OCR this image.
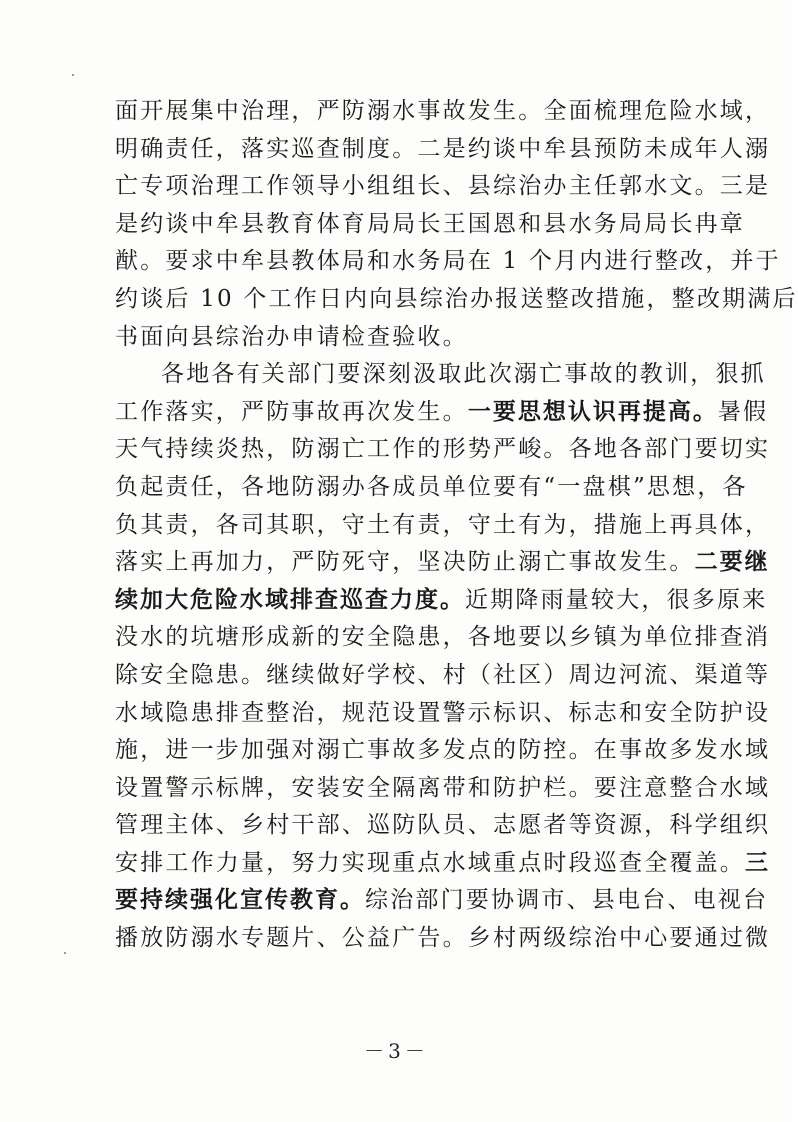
面开展集中治理，严防溺水事故发生。全面梳理危险水域，
明确责任，落实巡查制度。二是约谈中牟县预防未成年人溺
亡专项治理工作领导小组组长、县综治办主任郭水文。三是
是约谈中牟县教育体育局局长王国恩和县水务局局长冉章
猷。要求中牟县教体局和水务局在 1 个月内进行整改，并于
约谈后 10 个工作日内向县综治办报送整改措施，整改期满后
书面向县综治办申请检查验收。
各地各有关部门要深刻汲取此次溺亡事故的教训，狠抓
工作落实，严防事故再次发生。一要思想认识再提高。暑假
天气持续炎热，防溺亡工作的形势严峻。各地各部门要切实
负起责任，各地防溺办各成员单位要有“一盘棋”思想，各
负其责，各司其职，守土有责，守土有为，措施上再具体，
落实上再加力，严防死守，坚决防止溺亡事故发生。二要继
续加大危险水域排查巡查力度。近期降雨量较大，很多原来
没水的坑塘形成新的安全隐患，各地要以乡镇为单位排查消
除安全隐患。继续做好学校、村（社区）周边河流、渠道等
水域隐患排查整治，规范设置警示标识、标志和安全防护设
施，进一步加强对溺亡事故多发点的防控。在事故多发水域
设置警示标牌，安装安全隔离带和防护栏。要注意整合水域
管理主体、乡村干部、巡防队员、志愿者等资源，科学组织
安排工作力量，努力实现重点水域重点时段巡查全覆盖。三
要持续强化宣传教育。综治部门要协调市、县电台、电视台
播放防溺水专题片、公益广告。乡村两级综治中心要通过微
－3－
